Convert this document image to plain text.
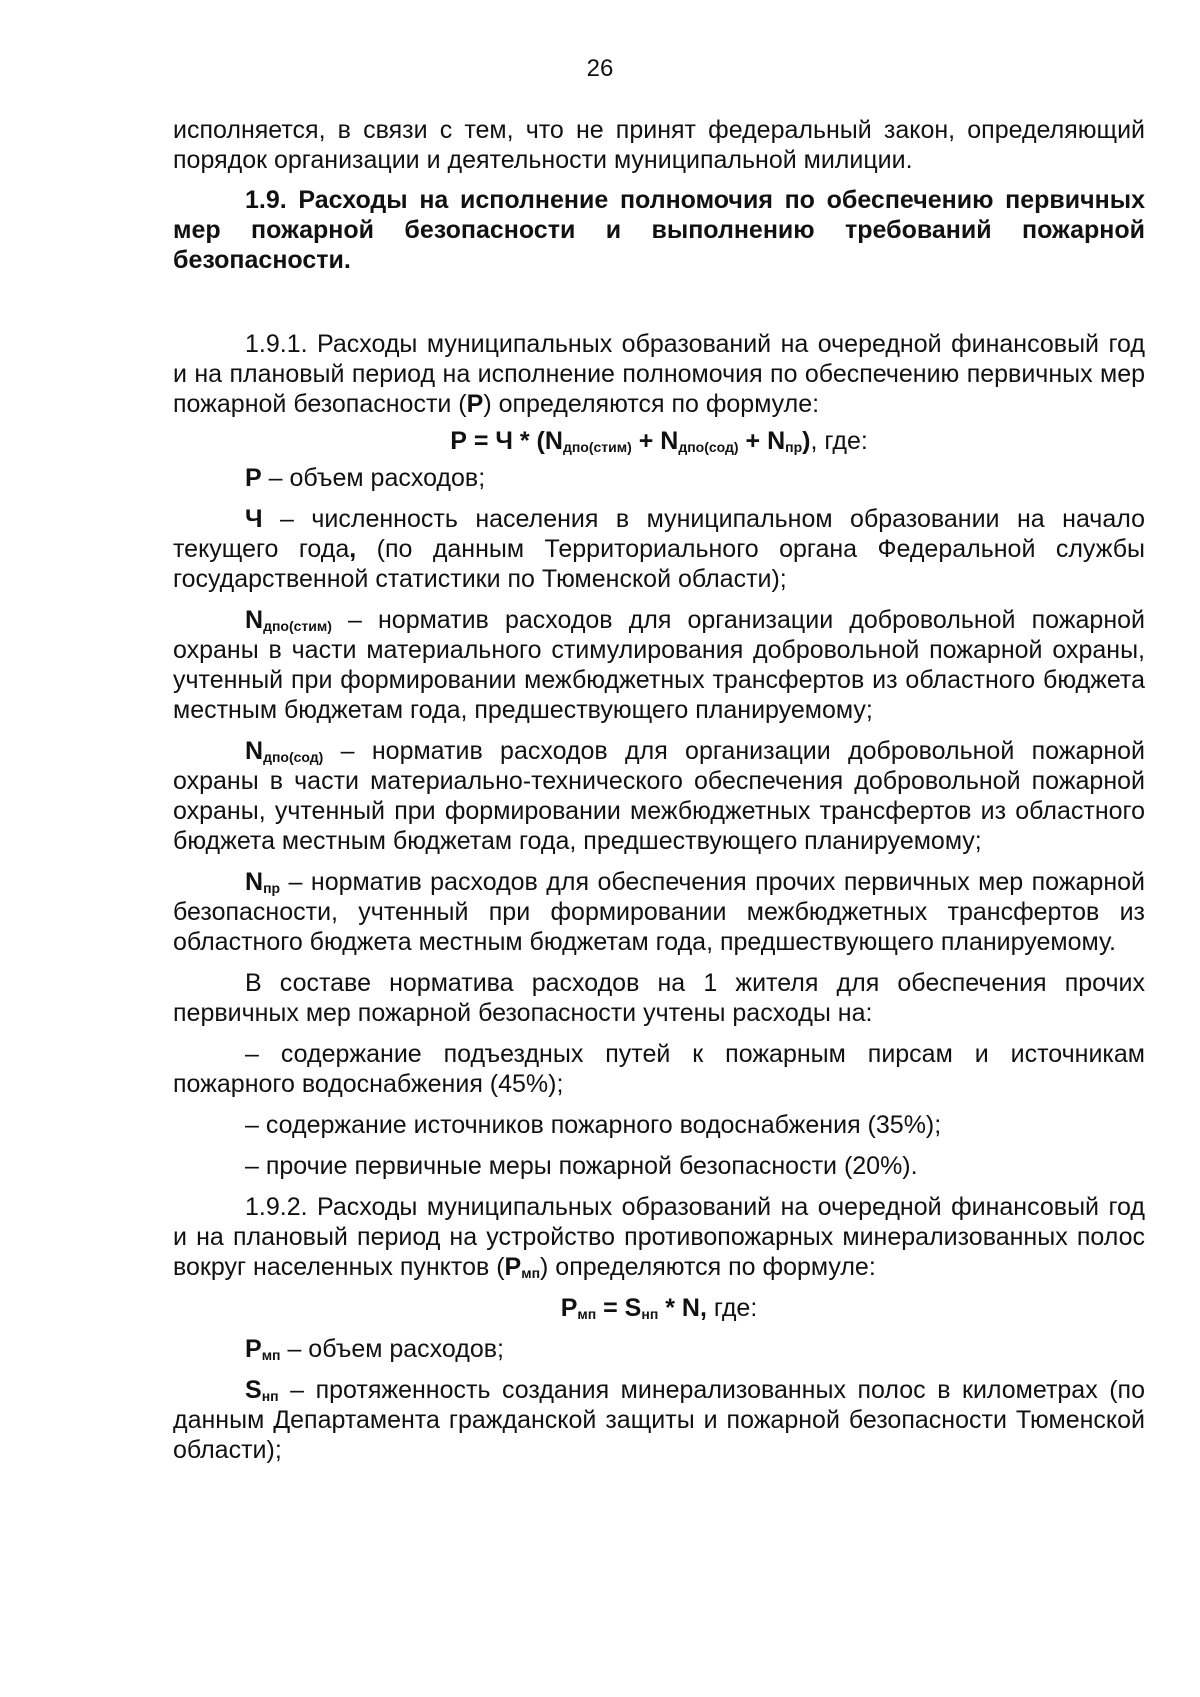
26

исполняется, в связи с тем, что не принят федеральный закон, определяющий порядок организации и деятельности муниципальной милиции.

1.9. Расходы на исполнение полномочия по обеспечению первичных мер пожарной безопасности и выполнению требований пожарной безопасности.

1.9.1. Расходы муниципальных образований на очередной финансовый год и на плановый период на исполнение полномочия по обеспечению первичных мер пожарной безопасности (Р) определяются по формуле:

$Р = Ч * (N_{дпо(стим)} + N_{дпо(сод)} + N_{пр})$, где:

Р – объем расходов;

Ч – численность населения в муниципальном образовании на начало текущего года, (по данным Территориального органа Федеральной службы государственной статистики по Тюменской области);

$N_{дпо(стим)}$ – норматив расходов для организации добровольной пожарной охраны в части материального стимулирования добровольной пожарной охраны, учтенный при формировании межбюджетных трансфертов из областного бюджета местным бюджетам года, предшествующего планируемому;

$N_{дпо(сод)}$ – норматив расходов для организации добровольной пожарной охраны в части материально-технического обеспечения добровольной пожарной охраны, учтенный при формировании межбюджетных трансфертов из областного бюджета местным бюджетам года, предшествующего планируемому;

$N_{пр}$ – норматив расходов для обеспечения прочих первичных мер пожарной безопасности, учтенный при формировании межбюджетных трансфертов из областного бюджета местным бюджетам года, предшествующего планируемому.

В составе норматива расходов на 1 жителя для обеспечения прочих первичных мер пожарной безопасности учтены расходы на:

– содержание подъездных путей к пожарным пирсам и источникам пожарного водоснабжения (45%);

– содержание источников пожарного водоснабжения (35%);

– прочие первичные меры пожарной безопасности (20%).

1.9.2. Расходы муниципальных образований на очередной финансовый год и на плановый период на устройство противопожарных минерализованных полос вокруг населенных пунктов $(Р_{мп})$ определяются по формуле:

$Р_{мп} = S_{нп} * N$, где:

$Р_{мп}$ – объем расходов;

$S_{нп}$ – протяженность создания минерализованных полос в километрах (по данным Департамента гражданской защиты и пожарной безопасности Тюменской области);
